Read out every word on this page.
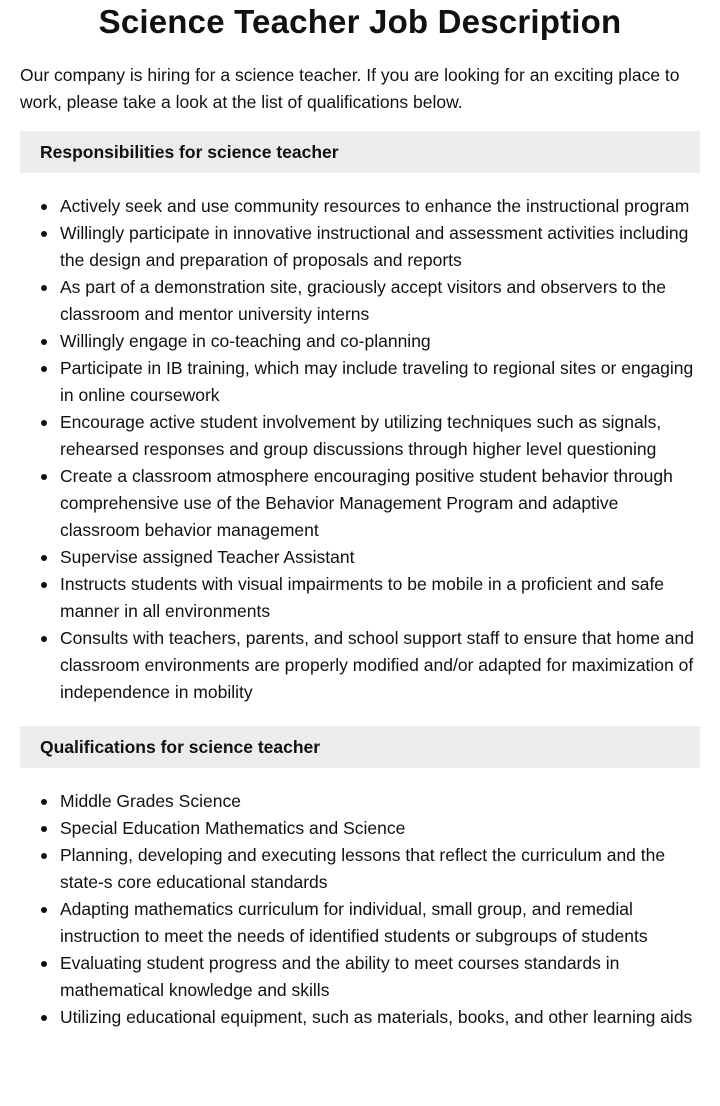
Science Teacher Job Description

Our company is hiring for a science teacher. If you are looking for an exciting place to work, please take a look at the list of qualifications below.

Responsibilities for science teacher
Actively seek and use community resources to enhance the instructional program
Willingly participate in innovative instructional and assessment activities including the design and preparation of proposals and reports
As part of a demonstration site, graciously accept visitors and observers to the classroom and mentor university interns
Willingly engage in co-teaching and co-planning
Participate in IB training, which may include traveling to regional sites or engaging in online coursework
Encourage active student involvement by utilizing techniques such as signals, rehearsed responses and group discussions through higher level questioning
Create a classroom atmosphere encouraging positive student behavior through comprehensive use of the Behavior Management Program and adaptive classroom behavior management
Supervise assigned Teacher Assistant
Instructs students with visual impairments to be mobile in a proficient and safe manner in all environments
Consults with teachers, parents, and school support staff to ensure that home and classroom environments are properly modified and/or adapted for maximization of independence in mobility
Qualifications for science teacher
Middle Grades Science
Special Education Mathematics and Science
Planning, developing and executing lessons that reflect the curriculum and the state-s core educational standards
Adapting mathematics curriculum for individual, small group, and remedial instruction to meet the needs of identified students or subgroups of students
Evaluating student progress and the ability to meet courses standards in mathematical knowledge and skills
Utilizing educational equipment, such as materials, books, and other learning aids
